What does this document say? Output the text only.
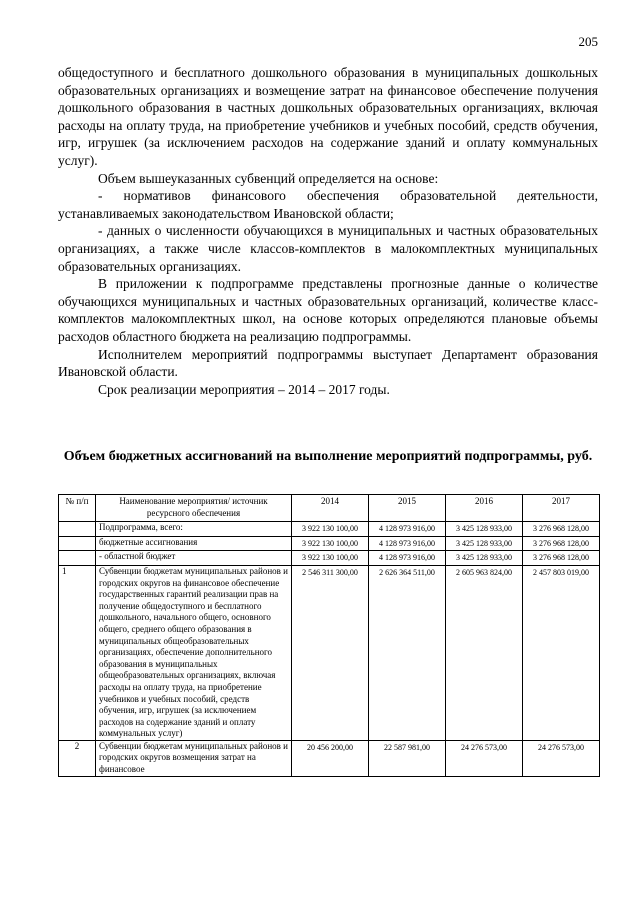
205

общедоступного и бесплатного дошкольного образования в муниципальных дошкольных образовательных организациях и возмещение затрат на финансовое обеспечение получения дошкольного образования в частных дошкольных образовательных организациях, включая расходы на оплату труда, на приобретение учебников и учебных пособий, средств обучения, игр, игрушек (за исключением расходов на содержание зданий и оплату коммунальных услуг).

Объем вышеуказанных субвенций определяется на основе:

- нормативов финансового обеспечения образовательной деятельности, устанавливаемых законодательством Ивановской области;

- данных о численности обучающихся в муниципальных и частных образовательных организациях, а также числе классов-комплектов в малокомплектных муниципальных образовательных организациях.

В приложении к подпрограмме представлены прогнозные данные о количестве обучающихся муниципальных и частных образовательных организаций, количестве класс-комплектов малокомплектных школ, на основе которых определяются плановые объемы расходов областного бюджета на реализацию подпрограммы.

Исполнителем мероприятий подпрограммы выступает Департамент образования Ивановской области.

Срок реализации мероприятия – 2014 – 2017 годы.

Объем бюджетных ассигнований на выполнение мероприятий подпрограммы, руб.
№ п/п	Наименование мероприятия/ источник ресурсного обеспечения	2014	2015	2016	2017
	Подпрограмма, всего:	3 922 130 100,00	4 128 973 916,00	3 425 128 933,00	3 276 968 128,00
	бюджетные ассигнования	3 922 130 100,00	4 128 973 916,00	3 425 128 933,00	3 276 968 128,00
	- областной бюджет	3 922 130 100,00	4 128 973 916,00	3 425 128 933,00	3 276 968 128,00
1	Субвенции бюджетам муниципальных районов и городских округов на финансовое обеспечение государственных гарантий реализации прав на получение общедоступного и бесплатного дошкольного, начального общего, основного общего, среднего общего образования в муниципальных общеобразовательных организациях, обеспечение дополнительного образования в муниципальных общеобразовательных организациях, включая расходы на оплату труда, на приобретение учебников и учебных пособий, средств обучения, игр, игрушек (за исключением расходов на содержание зданий и оплату коммунальных услуг)	2 546 311 300,00	2 626 364 511,00	2 605 963 824,00	2 457 803 019,00
2	Субвенции бюджетам муниципальных районов и городских округов возмещения затрат на финансовое	20 456 200,00	22 587 981,00	24 276 573,00	24 276 573,00
